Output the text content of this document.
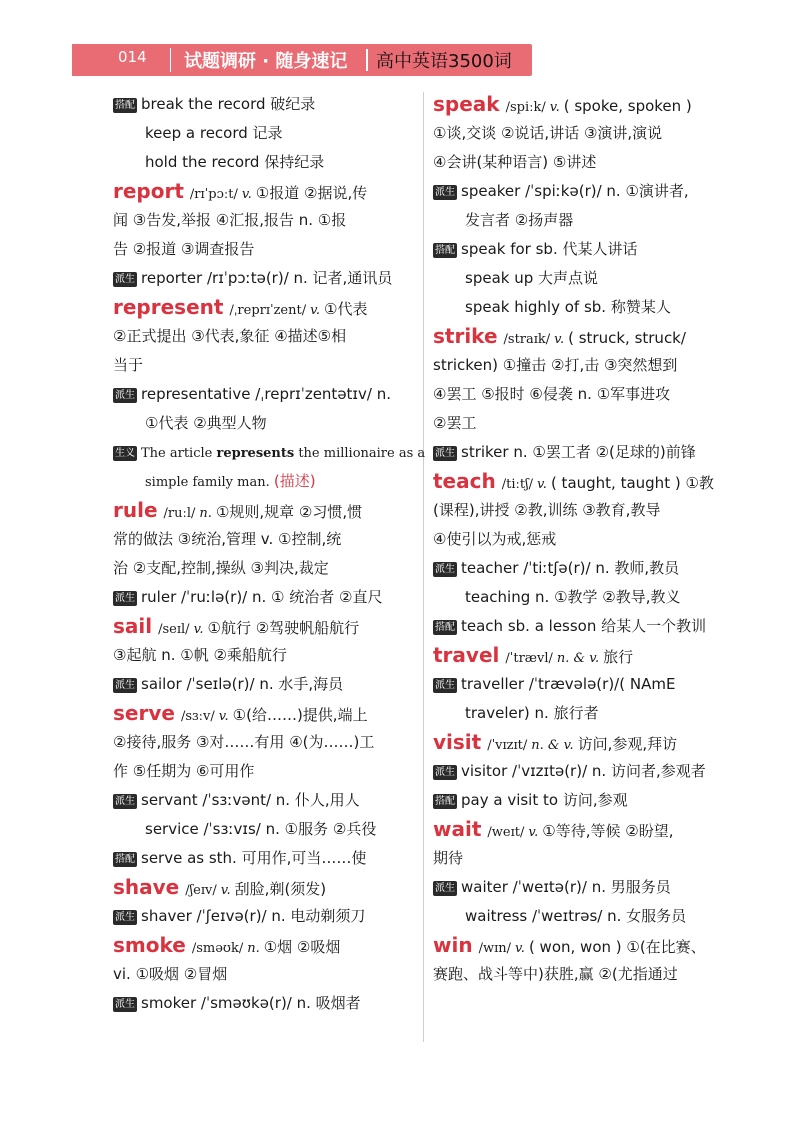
014 试题调研 · 随身速记 高中英语3500词
搭配 break the record 破纪录
keep a record 记录
hold the record 保持纪录
report /rɪˈpɔːt/ v. ①报道 ②据说,传
闻 ③告发,举报 ④汇报,报告 n. ①报
告 ②报道 ③调查报告
派生 reporter /rɪˈpɔːtə(r)/ n. 记者,通讯员
represent /ˌreprɪˈzent/ v. ①代表
②正式提出 ③代表,象征 ④描述⑤相
当于
派生 representative /ˌreprɪˈzentətɪv/ n.
①代表 ②典型人物
生义 The article represents the millionaire as a
simple family man. (描述)
rule /ruːl/ n. ①规则,规章 ②习惯,惯
常的做法 ③统治,管理 v. ①控制,统
治 ②支配,控制,操纵 ③判决,裁定
派生 ruler /ˈruːlə(r)/ n. ① 统治者 ②直尺
sail /seɪl/ v. ①航行 ②驾驶帆船航行
③起航 n. ①帆 ②乘船航行
派生 sailor /ˈseɪlə(r)/ n. 水手,海员
serve /sɜːv/ v. ①(给……)提供,端上
②接待,服务 ③对……有用 ④(为……)工
作 ⑤任期为 ⑥可用作
派生 servant /ˈsɜːvənt/ n. 仆人,用人
service /ˈsɜːvɪs/ n. ①服务 ②兵役
搭配 serve as sth. 可用作,可当……使
shave /ʃeɪv/ v. 刮脸,剃(须发)
派生 shaver /ˈʃeɪvə(r)/ n. 电动剃须刀
smoke /sməʊk/ n. ①烟 ②吸烟
vi. ①吸烟 ②冒烟
派生 smoker /ˈsməʊkə(r)/ n. 吸烟者
speak /spiːk/ v. ( spoke, spoken )
①谈,交谈 ②说话,讲话 ③演讲,演说
④会讲(某种语言) ⑤讲述
派生 speaker /ˈspiːkə(r)/ n. ①演讲者,
发言者 ②扬声器
搭配 speak for sb. 代某人讲话
speak up 大声点说
speak highly of sb. 称赞某人
strike /straɪk/ v. ( struck, struck/
stricken) ①撞击 ②打,击 ③突然想到
④罢工 ⑤报时 ⑥侵袭 n. ①军事进攻
②罢工
派生 striker n. ①罢工者 ②(足球的)前锋
teach /tiːtʃ/ v. ( taught, taught ) ①教
(课程),讲授 ②教,训练 ③教育,教导
④使引以为戒,惩戒
派生 teacher /ˈtiːtʃə(r)/ n. 教师,教员
teaching n. ①教学 ②教导,教义
搭配 teach sb. a lesson 给某人一个教训
travel /ˈtrævl/ n. & v. 旅行
派生 traveller /ˈtrævələ(r)/( NAmE
traveler) n. 旅行者
visit /ˈvɪzɪt/ n. & v. 访问,参观,拜访
派生 visitor /ˈvɪzɪtə(r)/ n. 访问者,参观者
搭配 pay a visit to 访问,参观
wait /weɪt/ v. ①等待,等候 ②盼望,
期待
派生 waiter /ˈweɪtə(r)/ n. 男服务员
waitress /ˈweɪtrəs/ n. 女服务员
win /wɪn/ v. ( won, won ) ①(在比赛、
赛跑、战斗等中)获胜,赢 ②(尤指通过
